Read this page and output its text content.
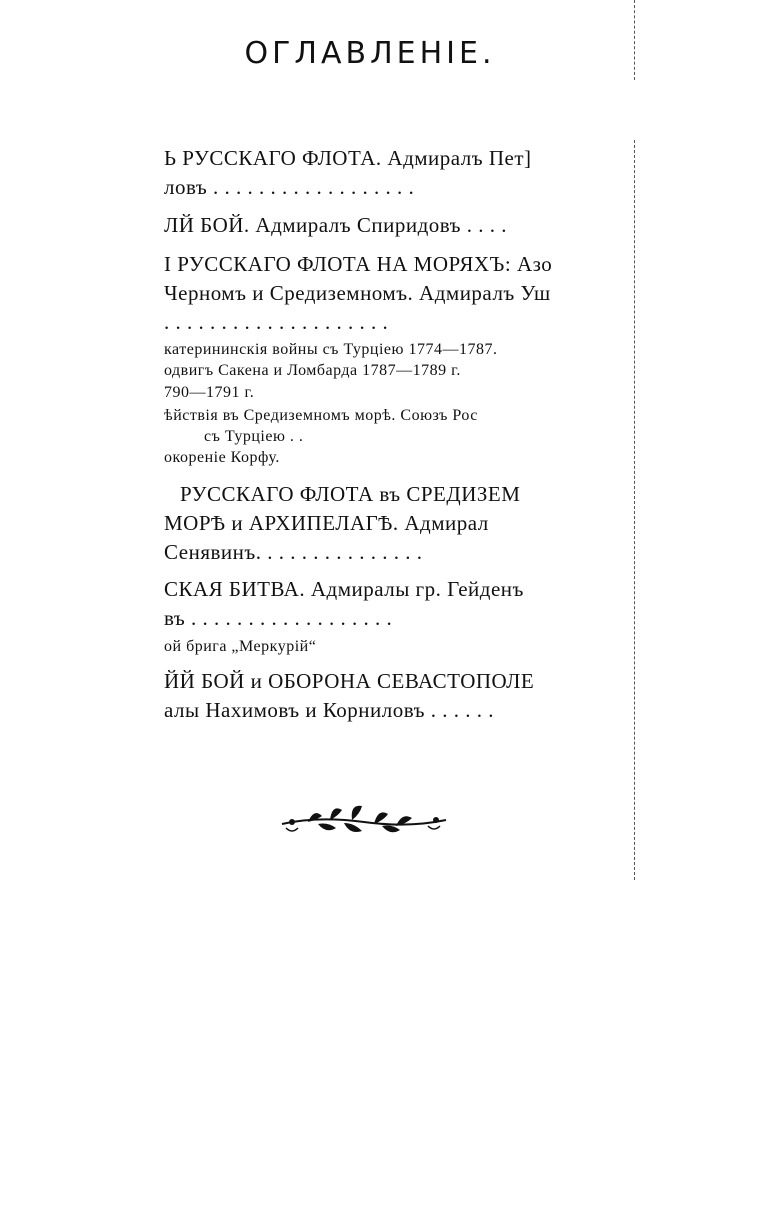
ОГЛАВЛЕНIЕ.
Ь РУССКАГО ФЛОТА. Адмиралъ Пет]
ловъ . . . . . . . . . . . . . . . . . .
ЛЙ БОЙ. Адмиралъ Спиридовъ . . . .
І РУССКАГО ФЛОТА НА МОРЯХЪ: Азо
Черномъ и Средиземномъ. Адмиралъ Уш
. . . . . . . . . . . . . . . . . . . .
катерининскія войны съ Турціею 1774—1787.
одвигъ Сакена и Ломбарда 1787—1789 г.
790—1791 г.
ѣйствія въ Средиземномъ морѣ. Союзъ Рос
съ Турціею . .
окореніе Корфу.
РУССКАГО ФЛОТА въ СРЕДИЗЕМ
МОРѢ и АРХИПЕЛАГѢ. Адмирал
Сенявинъ. . . . . . . . . . . . . . .
СКАЯ БИТВА. Адмиралы гр. Гейденъ
въ . . . . . . . . . . . . . . . . . .
ой брига „Меркурій“
ЙЙ БОЙ и ОБОРОНА СЕВАСТОПОЛЕ
алы Нахимовъ и Корниловъ . . . . . .
